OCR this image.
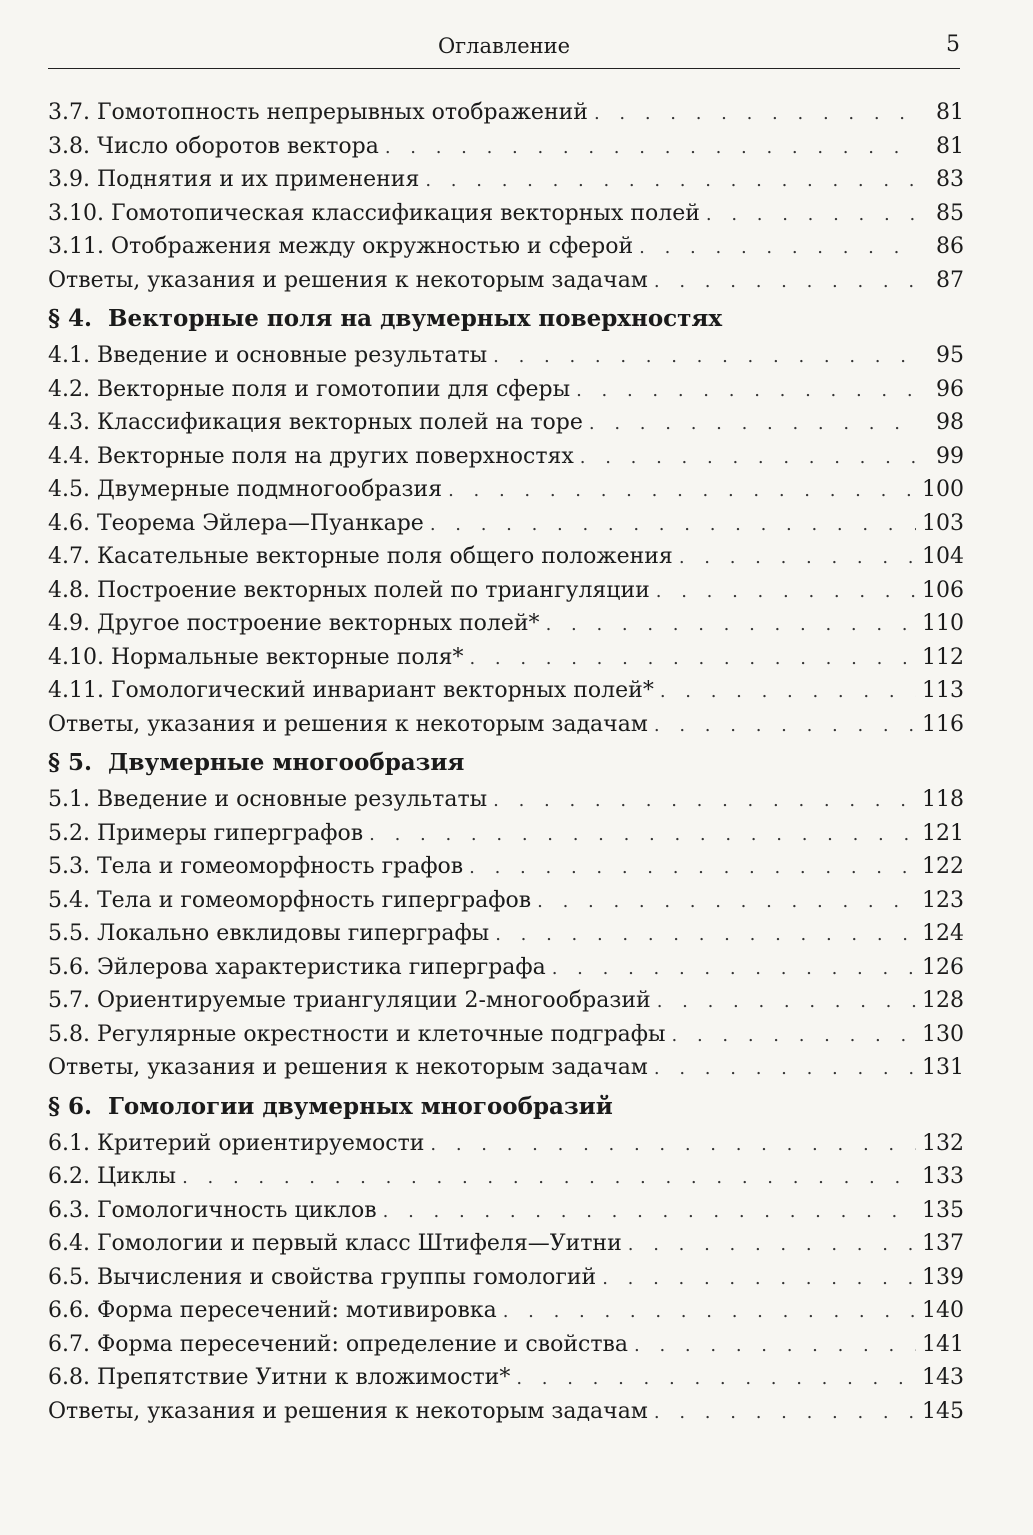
Оглавление	5
3.7. Гомотопность непрерывных отображений . . .	81
3.8. Число оборотов вектора . . .	81
3.9. Поднятия и их применения . . .	83
3.10. Гомотопическая классификация векторных полей . . .	85
3.11. Отображения между окружностью и сферой . . .	86
Ответы, указания и решения к некоторым задачам . . .	87
§ 4. Векторные поля на двумерных поверхностях
4.1. Введение и основные результаты . . .	95
4.2. Векторные поля и гомотопии для сферы . . .	96
4.3. Классификация векторных полей на торе . . .	98
4.4. Векторные поля на других поверхностях . . .	99
4.5. Двумерные подмногообразия . . .	100
4.6. Теорема Эйлера—Пуанкаре . . .	103
4.7. Касательные векторные поля общего положения . . .	104
4.8. Построение векторных полей по триангуляции . . .	106
4.9. Другое построение векторных полей* . . .	110
4.10. Нормальные векторные поля* . . .	112
4.11. Гомологический инвариант векторных полей* . . .	113
Ответы, указания и решения к некоторым задачам . . .	116
§ 5. Двумерные многообразия
5.1. Введение и основные результаты . . .	118
5.2. Примеры гиперграфов . . .	121
5.3. Тела и гомеоморфность графов . . .	122
5.4. Тела и гомеоморфность гиперграфов . . .	123
5.5. Локально евклидовы гиперграфы . . .	124
5.6. Эйлерова характеристика гиперграфа . . .	126
5.7. Ориентируемые триангуляции 2-многообразий . . .	128
5.8. Регулярные окрестности и клеточные подграфы . . .	130
Ответы, указания и решения к некоторым задачам . . .	131
§ 6. Гомологии двумерных многообразий
6.1. Критерий ориентируемости . . .	132
6.2. Циклы . . .	133
6.3. Гомологичность циклов . . .	135
6.4. Гомологии и первый класс Штифеля—Уитни . . .	137
6.5. Вычисления и свойства группы гомологий . . .	139
6.6. Форма пересечений: мотивировка . . .	140
6.7. Форма пересечений: определение и свойства . . .	141
6.8. Препятствие Уитни к вложимости* . . .	143
Ответы, указания и решения к некоторым задачам . . .	145
